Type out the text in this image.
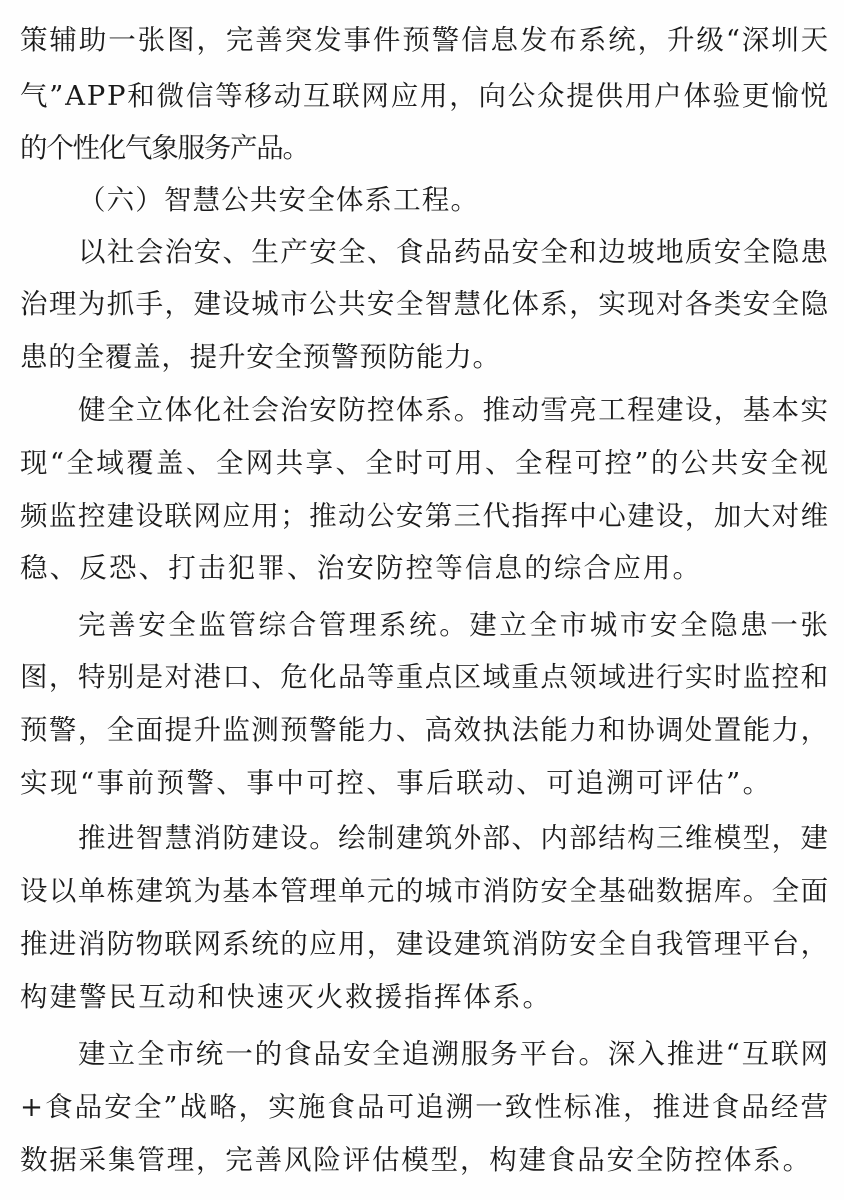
策辅助一张图，完善突发事件预警信息发布系统，升级“深圳天
气”APP和微信等移动互联网应用，向公众提供用户体验更愉悦
的个性化气象服务产品。
（六）智慧公共安全体系工程。
以社会治安、生产安全、食品药品安全和边坡地质安全隐患
治理为抓手，建设城市公共安全智慧化体系，实现对各类安全隐
患的全覆盖，提升安全预警预防能力。
健全立体化社会治安防控体系。推动雪亮工程建设，基本实
现“全域覆盖、全网共享、全时可用、全程可控”的公共安全视
频监控建设联网应用；推动公安第三代指挥中心建设，加大对维
稳、反恐、打击犯罪、治安防控等信息的综合应用。
完善安全监管综合管理系统。建立全市城市安全隐患一张
图，特别是对港口、危化品等重点区域重点领域进行实时监控和
预警，全面提升监测预警能力、高效执法能力和协调处置能力，
实现“事前预警、事中可控、事后联动、可追溯可评估”。
推进智慧消防建设。绘制建筑外部、内部结构三维模型，建
设以单栋建筑为基本管理单元的城市消防安全基础数据库。全面
推进消防物联网系统的应用，建设建筑消防安全自我管理平台，
构建警民互动和快速灭火救援指挥体系。
建立全市统一的食品安全追溯服务平台。深入推进“互联网
+食品安全”战略，实施食品可追溯一致性标准，推进食品经营
数据采集管理，完善风险评估模型，构建食品安全防控体系。
